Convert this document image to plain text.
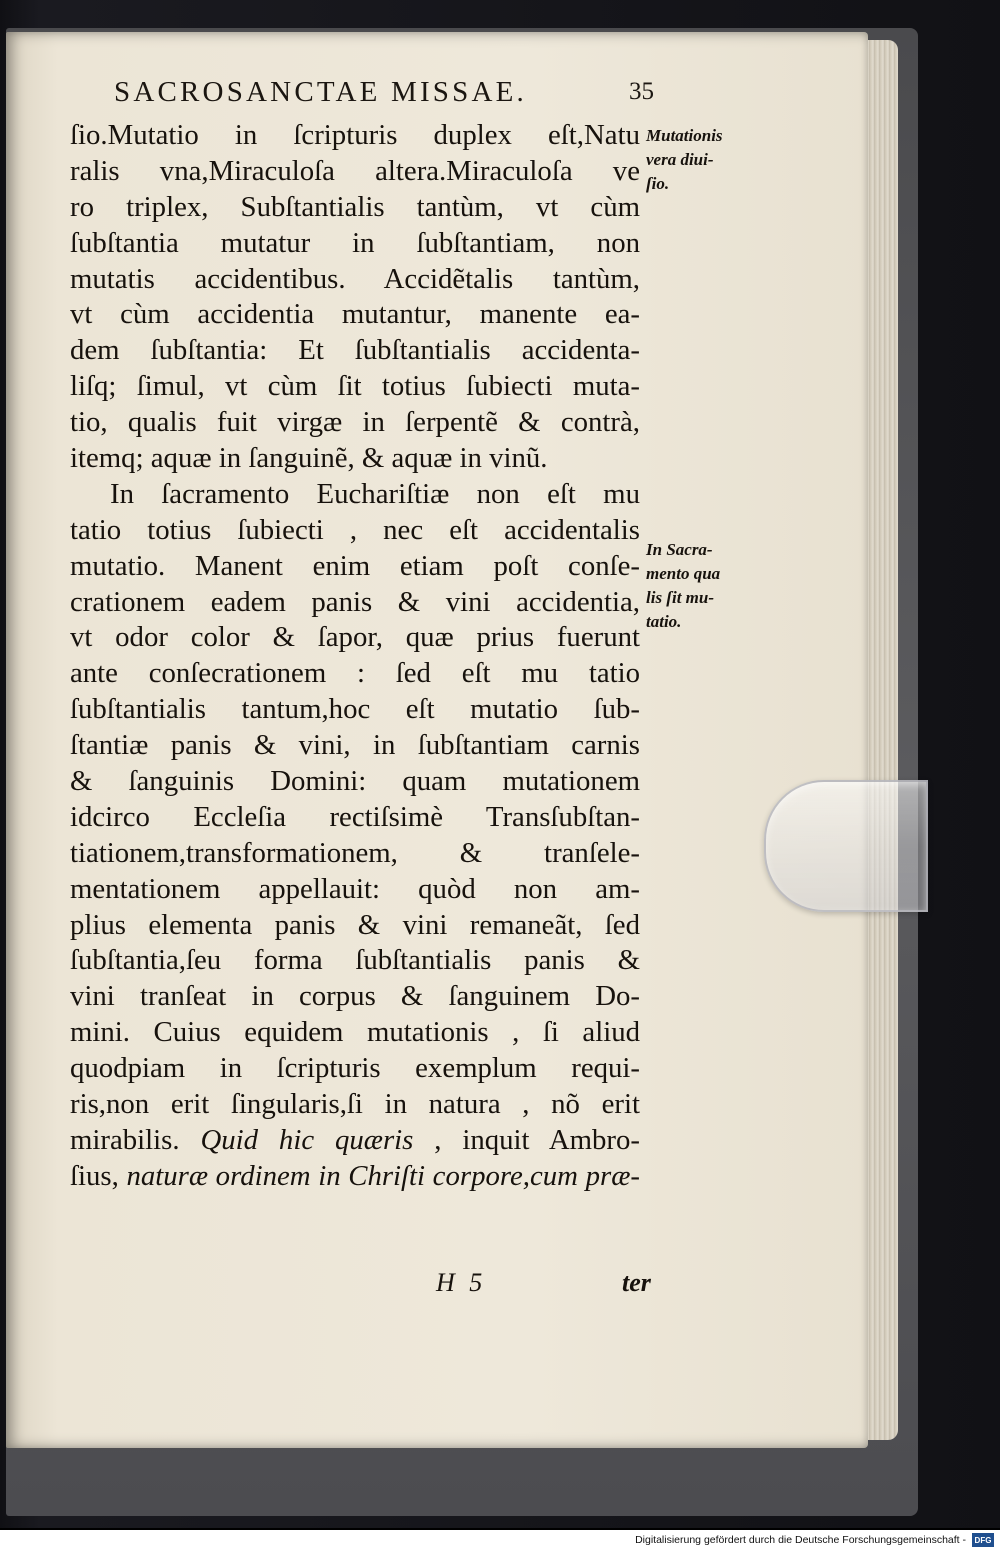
SACROSANCTAE MISSAE.	35
ſio.Mutatio in ſcripturis duplex eſt,Natu
ralis vna,Miraculoſa altera.Miraculoſa ve
ro triplex, Subſtantialis tantùm, vt cùm
ſubſtantia mutatur in ſubſtantiam, non
mutatis accidentibus. Accidẽtalis tantùm,
vt cùm accidentia mutantur, manente ea-
dem ſubſtantia: Et ſubſtantialis accidenta-
liſq; ſimul, vt cùm ſit totius ſubiecti muta-
tio, qualis fuit virgæ in ſerpentẽ & contrà,
itemq; aquæ in ſanguinẽ, & aquæ in vinũ.
In ſacramento Euchariſtiæ non eſt mu
tatio totius ſubiecti , nec eſt accidentalis
mutatio. Manent enim etiam poſt conſe-
crationem eadem panis & vini accidentia,
vt odor color & ſapor, quæ prius fuerunt
ante conſecrationem : ſed eſt mu tatio
ſubſtantialis tantum,hoc eſt mutatio ſub-
ſtantiæ panis & vini, in ſubſtantiam carnis
& ſanguinis Domini: quam mutationem
idcirco Eccleſia rectiſsimè Transſubſtan-
tiationem,transformationem, & tranſele-
mentationem appellauit: quòd non am-
plius elementa panis & vini remaneãt, ſed
ſubſtantia,ſeu forma ſubſtantialis panis &
vini tranſeat in corpus & ſanguinem Do-
mini. Cuius equidem mutationis , ſi aliud
quodpiam in ſcripturis exemplum requi-
ris,non erit ſingularis,ſi in natura , nõ erit
mirabilis. Quid hic quæris , inquit Ambro-
ſius, naturæ ordinem in Chriſti corpore,cum præ-
Mutationis
vera diui-
ſio.
In Sacra-
mento qua
lis ſit mu-
tatio.
H 5	ter
Digitalisierung gefördert durch die Deutsche Forschungsgemeinschaft -	DFG
